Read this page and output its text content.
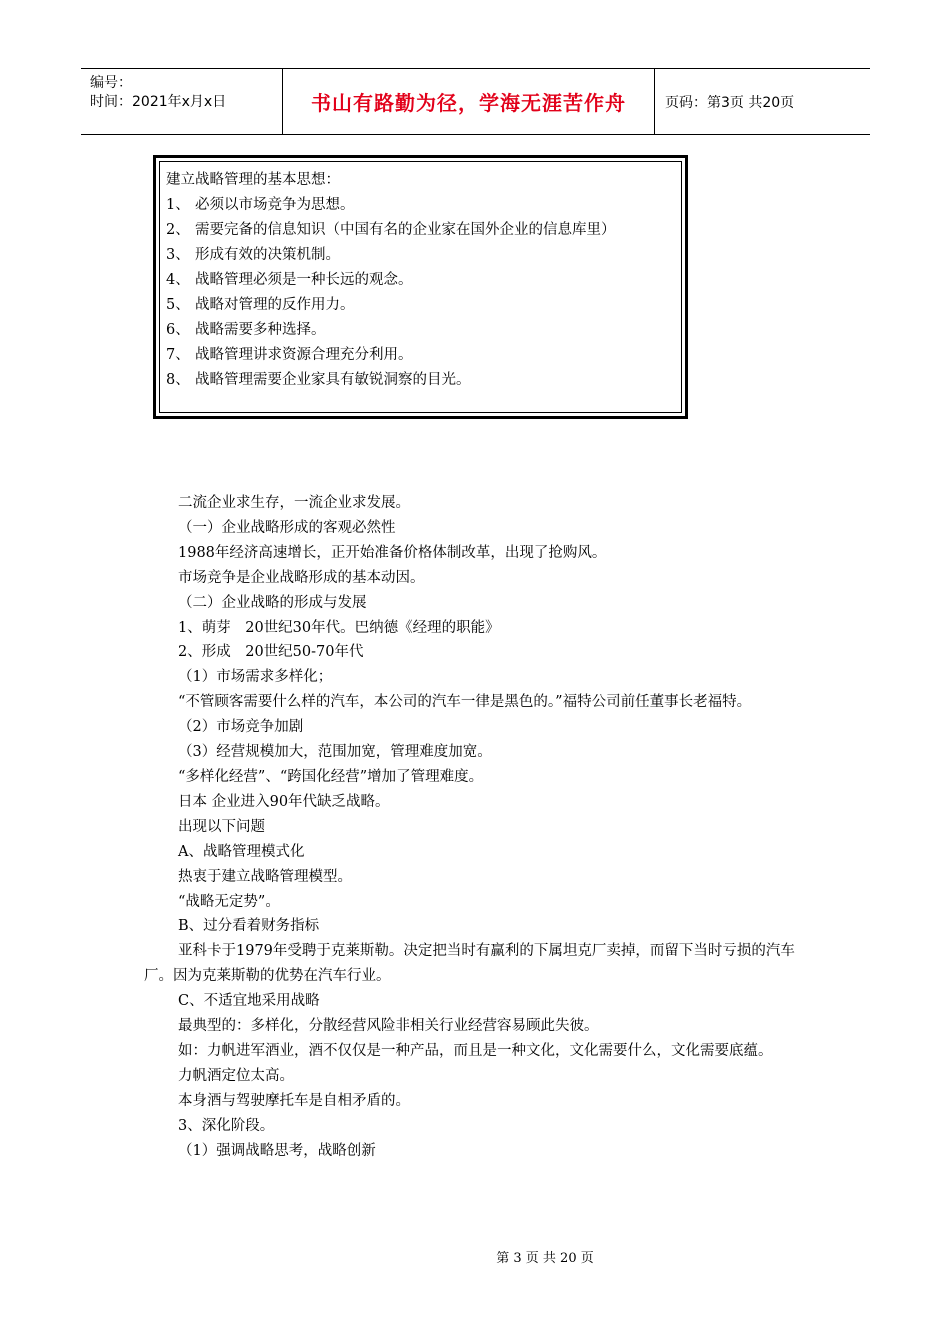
编号：
时间：2021年x月x日	书山有路勤为径，学海无涯苦作舟	页码：第3页 共20页
建立战略管理的基本思想：
1、 必须以市场竞争为思想。
2、 需要完备的信息知识（中国有名的企业家在国外企业的信息库里）
3、 形成有效的决策机制。
4、 战略管理必须是一种长远的观念。
5、 战略对管理的反作用力。
6、 战略需要多种选择。
7、 战略管理讲求资源合理充分利用。
8、 战略管理需要企业家具有敏锐洞察的目光。
二流企业求生存，一流企业求发展。
（一）企业战略形成的客观必然性
1988年经济高速增长，正开始准备价格体制改革，出现了抢购风。
市场竞争是企业战略形成的基本动因。
（二）企业战略的形成与发展
1、萌芽　20世纪30年代。巴纳德《经理的职能》
2、形成　20世纪50-70年代
（1）市场需求多样化；
“不管顾客需要什么样的汽车，本公司的汽车一律是黑色的。”福特公司前任董事长老福特。
（2）市场竞争加剧
（3）经营规模加大，范围加宽，管理难度加宽。
“多样化经营”、“跨国化经营”增加了管理难度。
日本 企业进入90年代缺乏战略。
出现以下问题
A、战略管理模式化
热衷于建立战略管理模型。
“战略无定势”。
B、过分看着财务指标
亚科卡于1979年受聘于克莱斯勒。决定把当时有赢利的下属坦克厂卖掉，而留下当时亏损的汽车厂。因为克莱斯勒的优势在汽车行业。
C、不适宜地采用战略
最典型的：多样化，分散经营风险非相关行业经营容易顾此失彼。
如：力帆进军酒业，酒不仅仅是一种产品，而且是一种文化，文化需要什么，文化需要底蕴。
力帆酒定位太高。
本身酒与驾驶摩托车是自相矛盾的。
3、深化阶段。
（1）强调战略思考，战略创新
第 3 页 共 20 页
